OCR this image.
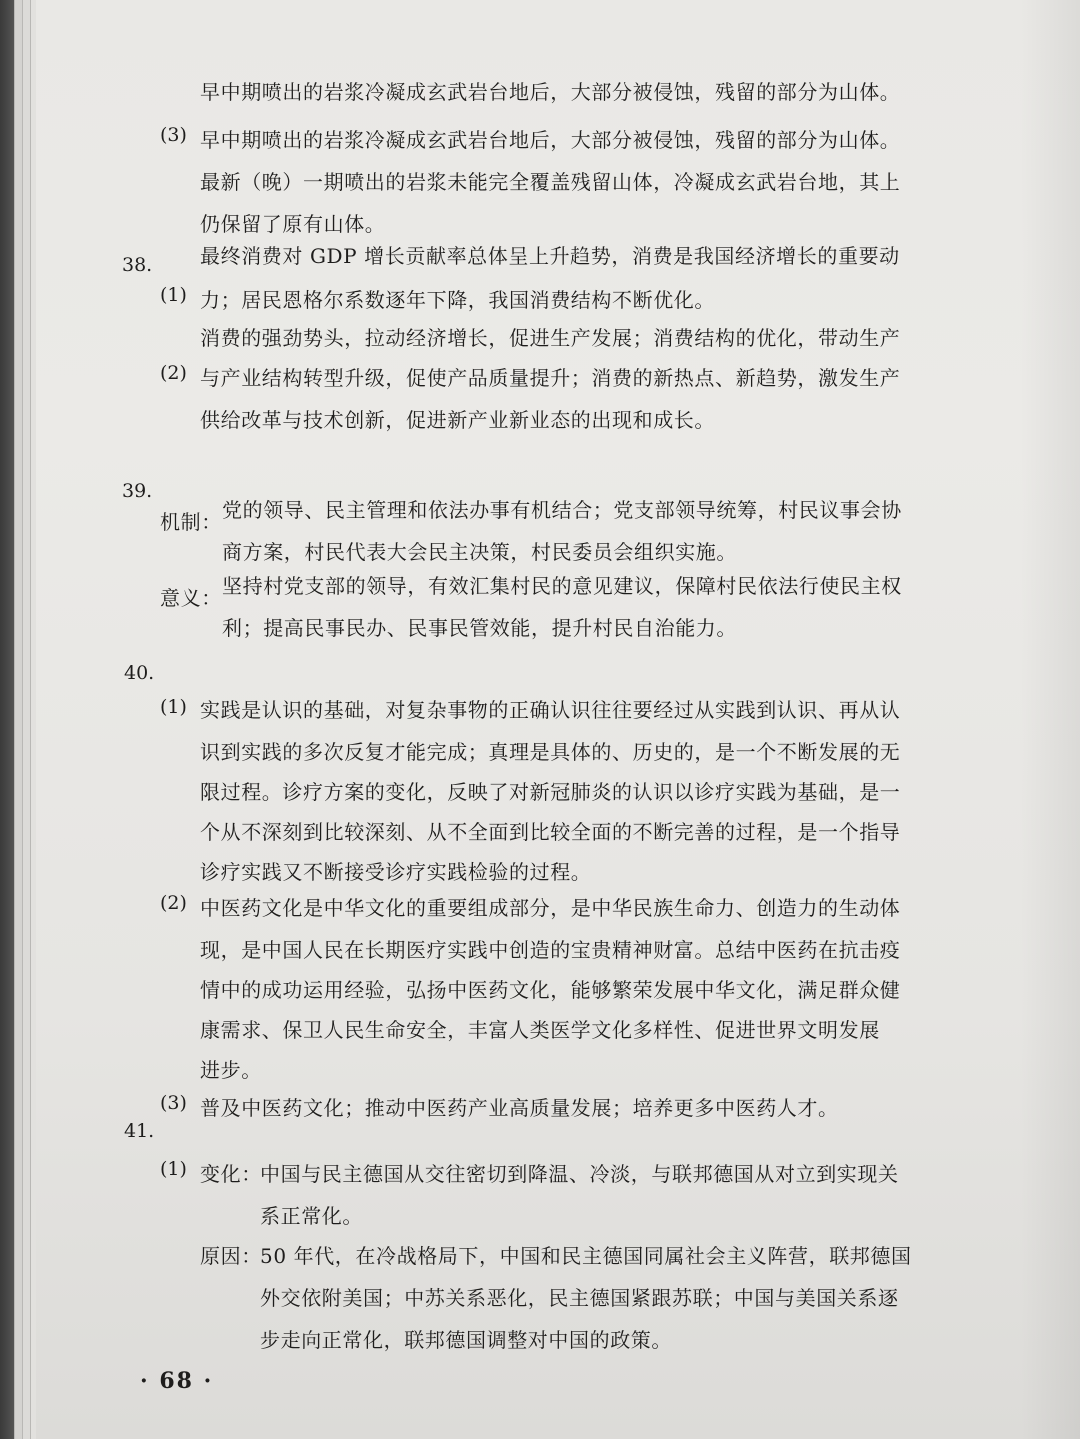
早中期喷出的岩浆冷凝成玄武岩台地后，大部分被侵蚀，残留的部分为山体。
(3) 早中期喷出的岩浆冷凝成玄武岩台地后，大部分被侵蚀，残留的部分为山体。
最新（晚）一期喷出的岩浆未能完全覆盖残留山体，冷凝成玄武岩台地，其上
仍保留了原有山体。
38. 最终消费对 GDP 增长贡献率总体呈上升趋势，消费是我国经济增长的重要动
(1) 力；居民恩格尔系数逐年下降，我国消费结构不断优化。
(2)
消费的强劲势头，拉动经济增长，促进生产发展；消费结构的优化，带动生产
与产业结构转型升级，促使产品质量提升；消费的新热点、新趋势，激发生产
供给改革与技术创新，促进新产业新业态的出现和成长。
39.
机制： 党的领导、民主管理和依法办事有机结合；党支部领导统筹，村民议事会协
商方案，村民代表大会民主决策，村民委员会组织实施。
意义： 坚持村党支部的领导，有效汇集村民的意见建议，保障村民依法行使民主权
利；提高民事民办、民事民管效能，提升村民自治能力。
40.
(1) 实践是认识的基础，对复杂事物的正确认识往往要经过从实践到认识、再从认
识到实践的多次反复才能完成；真理是具体的、历史的，是一个不断发展的无
限过程。诊疗方案的变化，反映了对新冠肺炎的认识以诊疗实践为基础，是一
个从不深刻到比较深刻、从不全面到比较全面的不断完善的过程，是一个指导
诊疗实践又不断接受诊疗实践检验的过程。
(2) 中医药文化是中华文化的重要组成部分，是中华民族生命力、创造力的生动体
现，是中国人民在长期医疗实践中创造的宝贵精神财富。总结中医药在抗击疫
情中的成功运用经验，弘扬中医药文化，能够繁荣发展中华文化，满足群众健
康需求、保卫人民生命安全，丰富人类医学文化多样性、促进世界文明发展
进步。
(3) 普及中医药文化；推动中医药产业高质量发展；培养更多中医药人才。
41.
(1) 变化：
中国与民主德国从交往密切到降温、冷淡，与联邦德国从对立到实现关
系正常化。
原因：
50 年代，在冷战格局下，中国和民主德国同属社会主义阵营，联邦德国
外交依附美国；中苏关系恶化，民主德国紧跟苏联；中国与美国关系逐
步走向正常化，联邦德国调整对中国的政策。
· 68 ·
